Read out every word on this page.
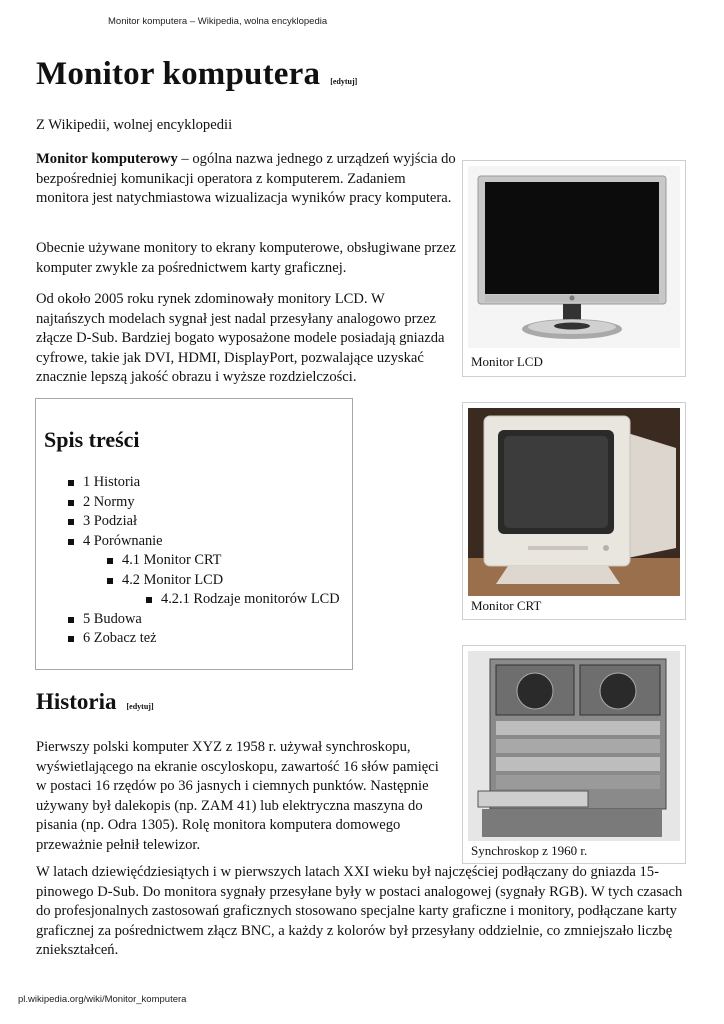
Monitor komputera – Wikipedia, wolna encyklopedia
Monitor komputera [edytuj]

Z Wikipedii, wolnej encyklopedii

Monitor komputerowy – ogólna nazwa jednego z urządzeń wyjścia do bezpośredniej komunikacji operatora z komputerem. Zadaniem monitora jest natychmiastowa wizualizacja wyników pracy komputera.

Obecnie używane monitory to ekrany komputerowe, obsługiwane przez komputer zwykle za pośrednictwem karty graficznej.

Od około 2005 roku rynek zdominowały monitory LCD. W najtańszych modelach sygnał jest nadal przesyłany analogowo przez złącze D-Sub. Bardziej bogato wyposażone modele posiadają gniazda cyfrowe, takie jak DVI, HDMI, DisplayPort, pozwalające uzyskać znacznie lepszą jakość obrazu i wyższe rozdzielczości.

Spis treści
1 Historia
2 Normy
3 Podział
4 Porównanie
4.1 Monitor CRT
4.2 Monitor LCD
4.2.1 Rodzaje monitorów LCD
5 Budowa
6 Zobacz też
Historia [edytuj]

Pierwszy polski komputer XYZ z 1958 r. używał synchroskopu, wyświetlającego na ekranie oscyloskopu, zawartość 16 słów pamięci w postaci 16 rzędów po 36 jasnych i ciemnych punktów. Następnie używany był dalekopis (np. ZAM 41) lub elektryczna maszyna do pisania (np. Odra 1305). Rolę monitora komputera domowego przeważnie pełnił telewizor.

W latach dziewięćdziesiątych i w pierwszych latach XXI wieku był najczęściej podłączany do gniazda 15-pinowego D-Sub. Do monitora sygnały przesyłane były w postaci analogowej (sygnały RGB). W tych czasach do profesjonalnych zastosowań graficznych stosowano specjalne karty graficzne i monitory, podłączane karty graficznej za pośrednictwem złącz BNC, a każdy z kolorów był przesyłany oddzielnie, co zmniejszało liczbę zniekształceń.

Monitor LCD
Monitor CRT
Synchroskop z 1960 r.
pl.wikipedia.org/wiki/Monitor_komputera
